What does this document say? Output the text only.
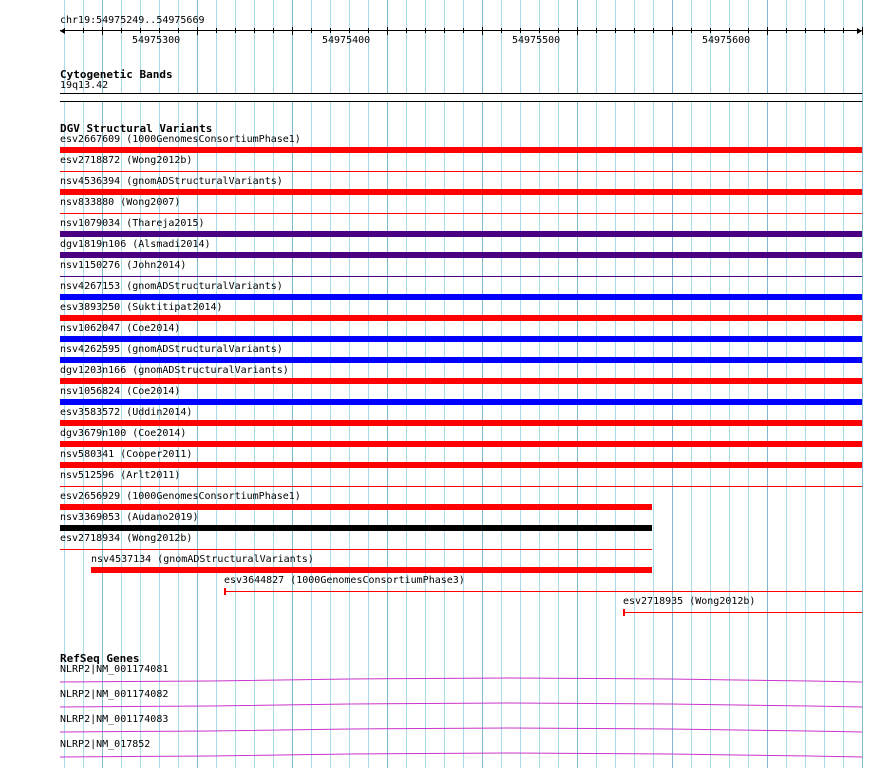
chr19:54975249..54975669
54975300	54975400	54975500	54975600
Cytogenetic Bands
19q13.42
DGV Structural Variants
esv2667609 (1000GenomesConsortiumPhase1)
esv2718872 (Wong2012b)
nsv4536394 (gnomADStructuralVariants)
nsv833880 (Wong2007)
nsv1079034 (Thareja2015)
dgv1819n106 (Alsmadi2014)
nsv1150276 (John2014)
nsv4267153 (gnomADStructuralVariants)
esv3893250 (Suktitipat2014)
nsv1062047 (Coe2014)
nsv4262595 (gnomADStructuralVariants)
dgv1203n166 (gnomADStructuralVariants)
nsv1056824 (Coe2014)
esv3583572 (Uddin2014)
dgv3679n100 (Coe2014)
nsv580341 (Cooper2011)
nsv512596 (Arlt2011)
esv2656929 (1000GenomesConsortiumPhase1)
nsv3369053 (Audano2019)
esv2718934 (Wong2012b)
nsv4537134 (gnomADStructuralVariants)
esv3644827 (1000GenomesConsortiumPhase3)
esv2718935 (Wong2012b)
RefSeq Genes
NLRP2|NM_001174081
NLRP2|NM_001174082
NLRP2|NM_001174083
NLRP2|NM_017852
